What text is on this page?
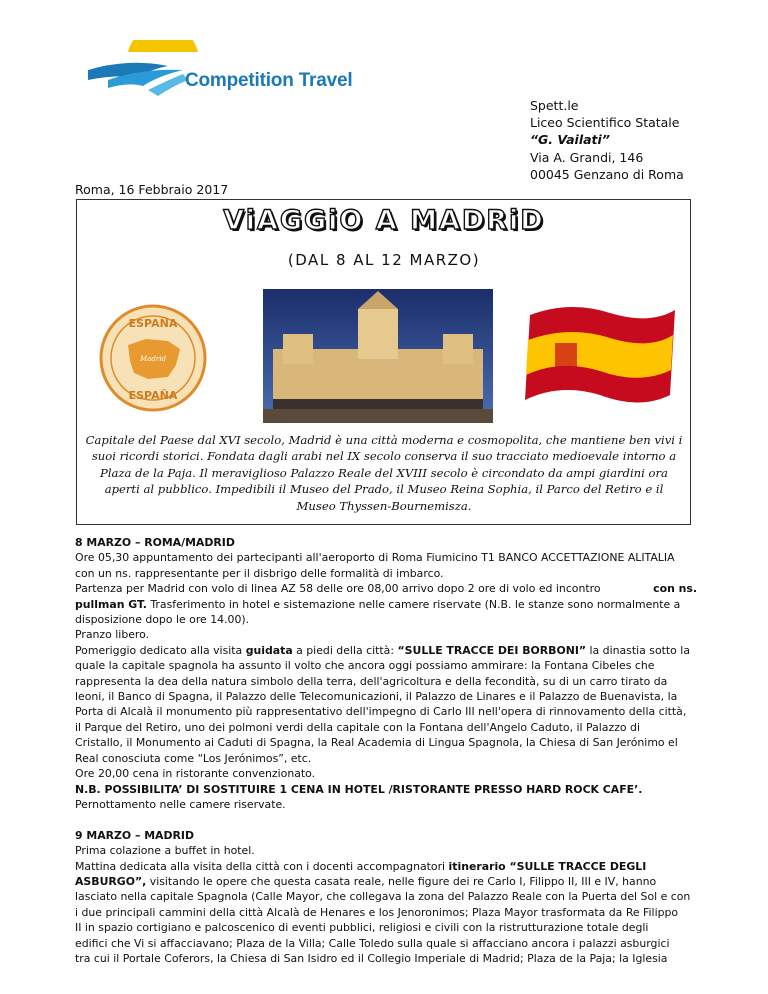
Competition Travel
Spett.le
Liceo Scientifico Statale
“G. Vailati”
Via A. Grandi, 146
00045 Genzano di Roma
Roma, 16 Febbraio 2017
ViAGGiO A MADRiD
(DAL 8 AL 12 MARZO)
ESPAÑA
Madrid
ESPAÑA
Capitale del Paese dal XVI secolo, Madrid è una città moderna e cosmopolita, che mantiene ben vivi i
suoi ricordi storici. Fondata dagli arabi nel IX secolo conserva il suo tracciato medioevale intorno a
Plaza de la Paja. Il meraviglioso Palazzo Reale del XVIII secolo è circondato da ampi giardini ora
aperti al pubblico. Impedibili il Museo del Prado, il Museo Reina Sophia, il Parco del Retiro e il
Museo Thyssen-Bournemisza.
8 MARZO – ROMA/MADRID
Ore 05,30 appuntamento dei partecipanti all'aeroporto di Roma Fiumicino T1 BANCO ACCETTAZIONE ALITALIA
con un ns. rappresentante per il disbrigo delle formalità di imbarco.
Partenza per Madrid con volo di linea AZ 58 delle ore 08,00 arrivo dopo 2 ore di volo ed incontro	con ns.
pullman GT. Trasferimento in hotel e sistemazione nelle camere riservate (N.B. le stanze sono normalmente a
disposizione dopo le ore 14.00).
Pranzo libero.
Pomeriggio dedicato alla visita guidata a piedi della città: “SULLE TRACCE DEI BORBONI” la dinastia sotto la
quale la capitale spagnola ha assunto il volto che ancora oggi possiamo ammirare: la Fontana Cibeles che
rappresenta la dea della natura simbolo della terra, dell'agricoltura e della fecondità, su di un carro tirato da
leoni, il Banco di Spagna, il Palazzo delle Telecomunicazioni, il Palazzo de Linares e il Palazzo de Buenavista, la
Porta di Alcalà il monumento più rappresentativo dell'impegno di Carlo III nell'opera di rinnovamento della città,
il Parque del Retiro, uno dei polmoni verdi della capitale con la Fontana dell'Angelo Caduto, il Palazzo di
Cristallo, il Monumento ai Caduti di Spagna, la Real Academia di Lingua Spagnola, la Chiesa di San Jerónimo el
Real conosciuta come “Los Jerónimos”, etc.
Ore 20,00 cena in ristorante convenzionato.
N.B. POSSIBILITA’ DI SOSTITUIRE 1 CENA IN HOTEL /RISTORANTE PRESSO HARD ROCK CAFE’.
Pernottamento nelle camere riservate.
9 MARZO – MADRID
Prima colazione a buffet in hotel.
Mattina dedicata alla visita della città con i docenti accompagnatori itinerario “SULLE TRACCE DEGLI
ASBURGO”, visitando le opere che questa casata reale, nelle figure dei re Carlo I, Filippo II, III e IV, hanno
lasciato nella capitale Spagnola (Calle Mayor, che collegava la zona del Palazzo Reale con la Puerta del Sol e con
i due principali cammini della città Alcalà de Henares e los Jenoronimos; Plaza Mayor trasformata da Re Filippo
II in spazio cortigiano e palcoscenico di eventi pubblici, religiosi e civili con la ristrutturazione totale degli
edifici che Vi si affacciavano; Plaza de la Villa; Calle Toledo sulla quale si affacciano ancora i palazzi asburgici
tra cui il Portale Coferors, la Chiesa di San Isidro ed il Collegio Imperiale di Madrid; Plaza de la Paja; la Iglesia
